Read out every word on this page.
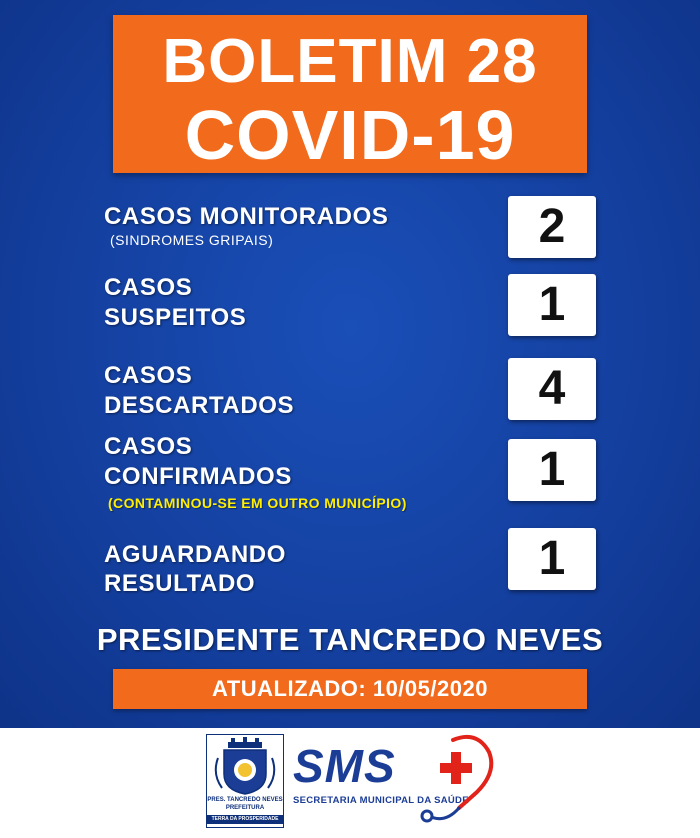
BOLETIM 28
COVID-19
CASOS MONITORADOS
(SINDROMES GRIPAIS)	2
CASOS
SUSPEITOS	1
CASOS
DESCARTADOS	4
CASOS
CONFIRMADOS
(CONTAMINOU-SE EM OUTRO MUNICÍPIO)
1
AGUARDANDO
RESULTADO	1
PRESIDENTE TANCREDO NEVES
ATUALIZADO: 10/05/2020
PRES. TANCREDO NEVES
PREFEITURA
TERRA DA PROSPERIDADE
SMS
SECRETARIA MUNICIPAL DA SAÚDE
